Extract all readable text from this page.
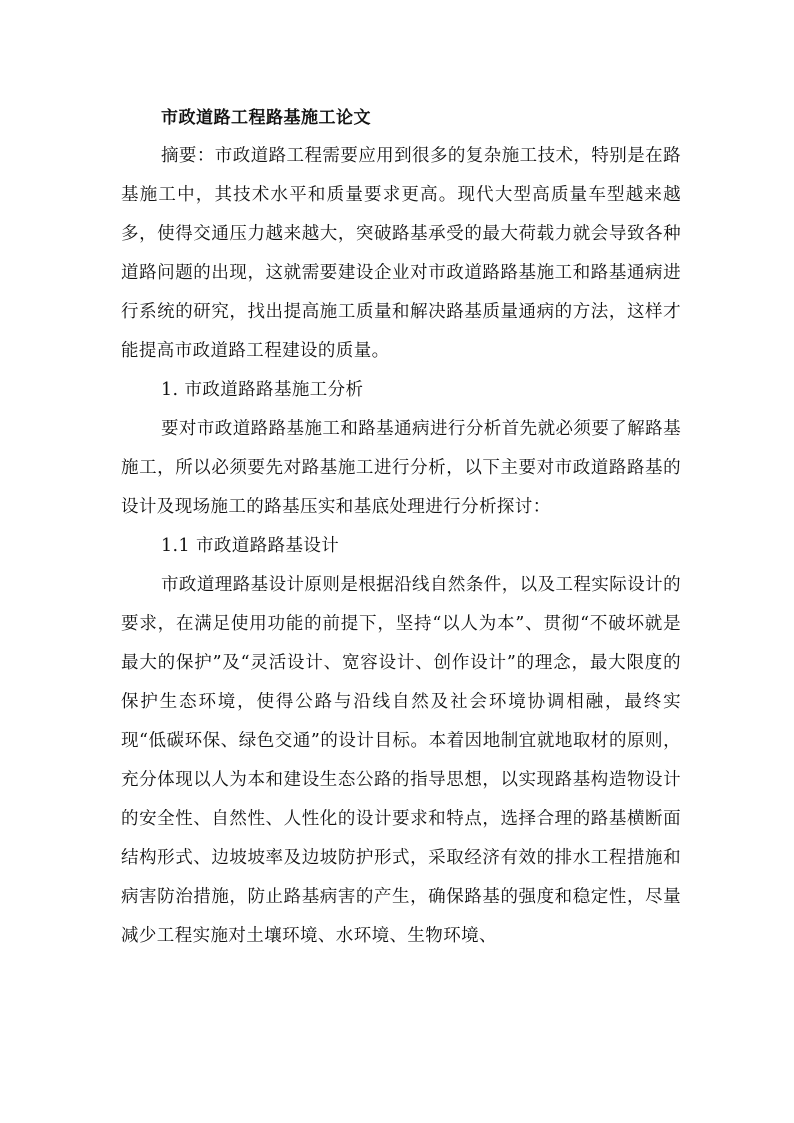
市政道路工程路基施工论文

摘要：市政道路工程需要应用到很多的复杂施工技术，特别是在路基施工中，其技术水平和质量要求更高。现代大型高质量车型越来越多，使得交通压力越来越大，突破路基承受的最大荷载力就会导致各种道路问题的出现，这就需要建设企业对市政道路路基施工和路基通病进行系统的研究，找出提高施工质量和解决路基质量通病的方法，这样才能提高市政道路工程建设的质量。

1. 市政道路路基施工分析

要对市政道路路基施工和路基通病进行分析首先就必须要了解路基施工，所以必须要先对路基施工进行分析，以下主要对市政道路路基的设计及现场施工的路基压实和基底处理进行分析探讨：

1.1 市政道路路基设计

市政道理路基设计原则是根据沿线自然条件，以及工程实际设计的要求，在满足使用功能的前提下，坚持“以人为本”、贯彻“不破坏就是最大的保护”及“灵活设计、宽容设计、创作设计”的理念，最大限度的保护生态环境，使得公路与沿线自然及社会环境协调相融，最终实现“低碳环保、绿色交通”的设计目标。本着因地制宜就地取材的原则，充分体现以人为本和建设生态公路的指导思想，以实现路基构造物设计的安全性、自然性、人性化的设计要求和特点，选择合理的路基横断面结构形式、边坡坡率及边坡防护形式，采取经济有效的排水工程措施和病害防治措施，防止路基病害的产生，确保路基的强度和稳定性，尽量减少工程实施对土壤环境、水环境、生物环境、
